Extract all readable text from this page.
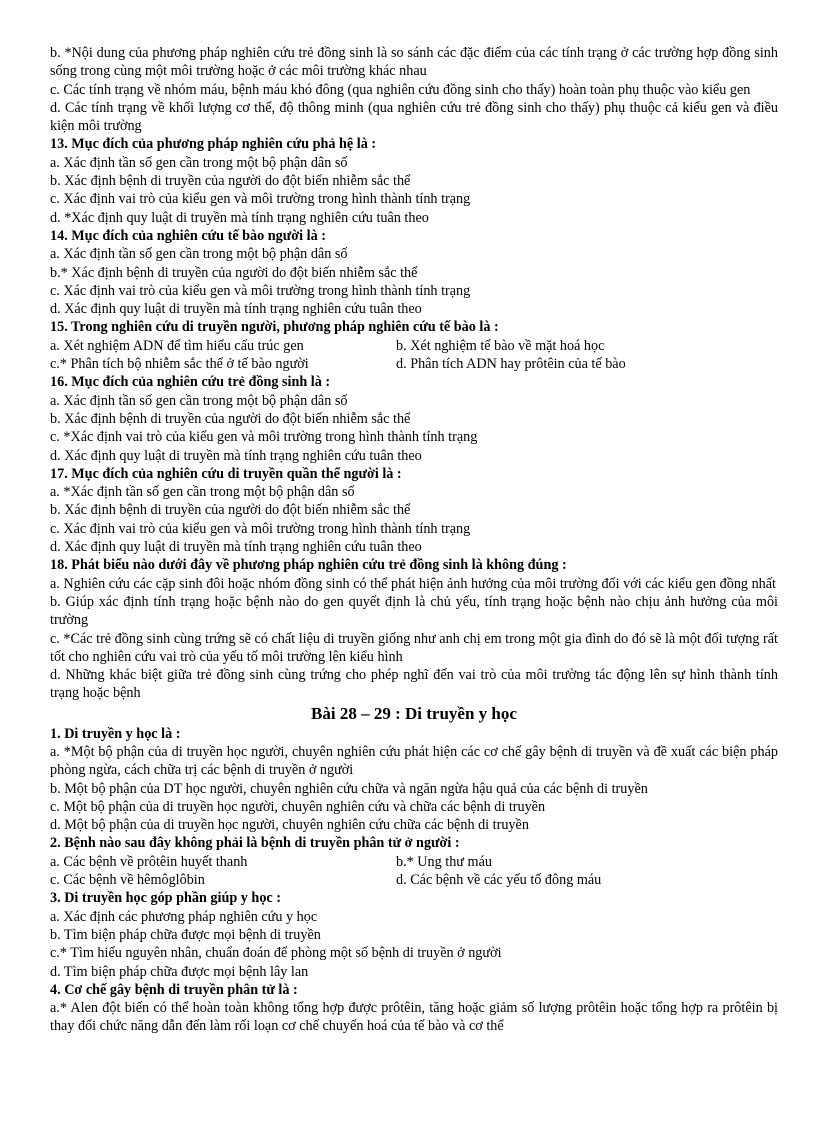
b. *Nội dung của phương pháp nghiên cứu trẻ đồng sinh là so sánh các đặc điểm của các tính trạng ở các trường hợp đồng sinh sống trong cùng một môi trường hoặc ở các môi trường khác nhau

c. Các tính trạng về nhóm máu, bệnh máu khó đông (qua nghiên cứu đồng sinh cho thấy) hoàn toàn phụ thuộc vào kiểu gen

d. Các tính trạng về khối lượng cơ thể, độ thông minh (qua nghiên cứu trẻ đồng sinh cho thấy) phụ thuộc cả kiểu gen và điều kiện môi trường

13. Mục đích của phương pháp nghiên cứu phả hệ là :

a. Xác định tần số gen cần trong một bộ phận dân số

b. Xác định bệnh di truyền của người do đột biến nhiễm sắc thể

c. Xác định vai trò của kiểu gen và môi trường trong hình thành tính trạng

d. *Xác định quy luật di truyền mà tính trạng nghiên cứu tuân theo

14. Mục đích của nghiên cứu tế bào người là :

a. Xác định tần số gen cần trong một bộ phận dân số

b.* Xác định bệnh di truyền của người do đột biến nhiễm sắc thể

c. Xác định vai trò của kiểu gen và môi trường trong hình thành tính trạng

d. Xác định quy luật di truyền mà tính trạng nghiên cứu tuân theo

15. Trong nghiên cứu di truyền người, phương pháp nghiên cứu tế bào là :

a. Xét nghiệm ADN để tìm hiểu cấu trúc gen	b. Xét nghiệm tế bào về mặt hoá học
c.* Phân tích bộ nhiễm sắc thể ở tế bào người	d. Phân tích ADN hay prôtêin của tế bào

16. Mục đích của nghiên cứu trẻ đồng sinh là :

a. Xác định tần số gen cần trong một bộ phận dân số

b. Xác định bệnh di truyền của người do đột biến nhiễm sắc thể

c. *Xác định vai trò của kiểu gen và môi trường trong hình thành tính trạng

d. Xác định quy luật di truyền mà tính trạng nghiên cứu tuân theo

17. Mục đích của nghiên cứu di truyền quần thể người là :

a. *Xác định tần số gen cần trong một bộ phận dân số

b. Xác định bệnh di truyền của người do đột biến nhiễm sắc thể

c. Xác định vai trò của kiểu gen và môi trường trong hình thành tính trạng

d. Xác định quy luật di truyền mà tính trạng nghiên cứu tuân theo

18. Phát biểu nào dưới đây về phương pháp nghiên cứu trẻ đồng sinh là không đúng :

a. Nghiên cứu các cặp sinh đôi hoặc nhóm đồng sinh có thể phát hiện ảnh hưởng của môi trường đối với các kiểu gen đồng nhất

b. Giúp xác định tính trạng hoặc bệnh nào do gen quyết định là chủ yếu, tính trạng hoặc bệnh nào chịu ảnh hưởng của môi trường

c. *Các trẻ đồng sinh cùng trứng sẽ có chất liệu di truyền giống như anh chị em trong một gia đình do đó sẽ là một đối tượng rất tốt cho nghiên cứu vai trò của yếu tố môi trường lên kiểu hình

d. Những khác biệt giữa trẻ đồng sinh cùng trứng cho phép nghĩ đến vai trò của môi trường tác động lên sự hình thành tính trạng hoặc bệnh

Bài 28 – 29 : Di truyền y học

1. Di truyền y học là :

a. *Một bộ phận của di truyền học người, chuyên nghiên cứu phát hiện các cơ chế gây bệnh di truyền và đề xuất các biện pháp phòng ngừa, cách chữa trị các bệnh di truyền ở người

b. Một bộ phận của DT học người, chuyên nghiên cứu chữa và ngăn ngừa hậu quả của các bệnh di truyền

c. Một bộ phận của di truyền học người, chuyên nghiên cứu và chữa các bệnh di truyền

d. Một bộ phận của di truyền học người, chuyên nghiên cứu chữa các bệnh di truyền

2. Bệnh nào sau đây không phải là bệnh di truyền phân tử ở người :

a. Các bệnh về prôtêin huyết thanh	b.* Ung thư máu
c. Các bệnh về hêmôglôbin	d. Các bệnh về các yếu tố đông máu

3. Di truyền học góp phần giúp y học :

a. Xác định các phương pháp nghiên cứu y học

b. Tìm biện pháp chữa được mọi bệnh di truyền

c.* Tìm hiểu nguyên nhân, chuẩn đoán để phòng một số bệnh di truyền ở người

d. Tìm biện pháp chữa được mọi bệnh lây lan

4. Cơ chế gây bệnh di truyền phân tử là :

a.* Alen đột biến có thể hoàn toàn không tổng hợp được prôtêin, tăng hoặc giảm số lượng prôtêin hoặc tổng hợp ra prôtêin bị thay đổi chức năng dẫn đến làm rối loạn cơ chế chuyển hoá của tế bào và cơ thể
